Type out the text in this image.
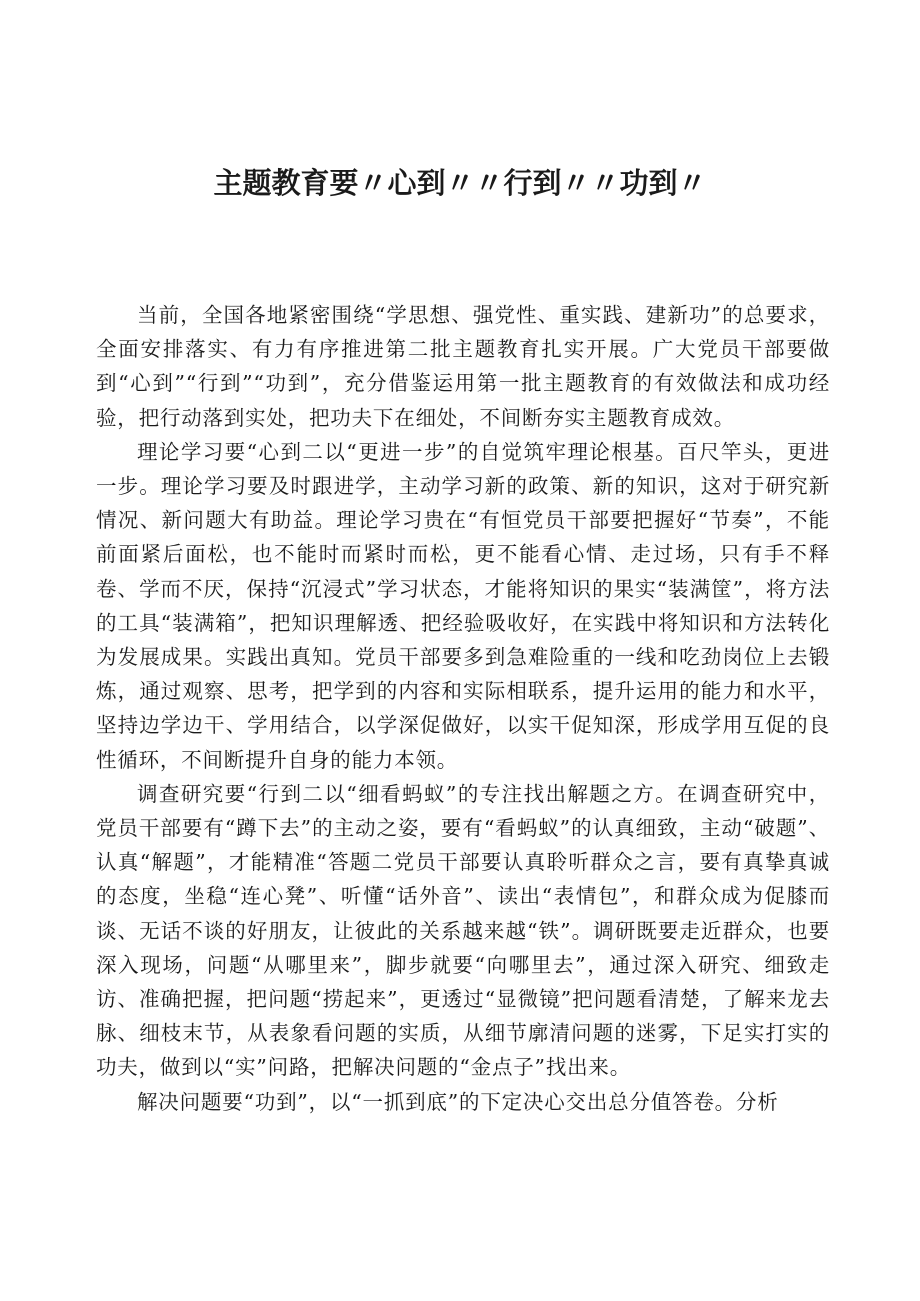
主题教育要〃心到〃〃行到〃〃功到〃

当前，全国各地紧密围绕“学思想、强党性、重实践、建新功”的总要求，全面安排落实、有力有序推进第二批主题教育扎实开展。广大党员干部要做到“心到”“行到”“功到”，充分借鉴运用第一批主题教育的有效做法和成功经验，把行动落到实处，把功夫下在细处，不间断夯实主题教育成效。

理论学习要“心到二以“更进一步”的自觉筑牢理论根基。百尺竿头，更进一步。理论学习要及时跟进学，主动学习新的政策、新的知识，这对于研究新情况、新问题大有助益。理论学习贵在“有恒党员干部要把握好“节奏”，不能前面紧后面松，也不能时而紧时而松，更不能看心情、走过场，只有手不释卷、学而不厌，保持“沉浸式”学习状态，才能将知识的果实“装满筐”，将方法的工具“装满箱”，把知识理解透、把经验吸收好，在实践中将知识和方法转化为发展成果。实践出真知。党员干部要多到急难险重的一线和吃劲岗位上去锻炼，通过观察、思考，把学到的内容和实际相联系，提升运用的能力和水平，坚持边学边干、学用结合，以学深促做好，以实干促知深，形成学用互促的良性循环，不间断提升自身的能力本领。

调查研究要“行到二以“细看蚂蚁”的专注找出解题之方。在调查研究中，党员干部要有“蹲下去”的主动之姿，要有“看蚂蚁”的认真细致，主动“破题”、认真“解题”，才能精准“答题二党员干部要认真聆听群众之言，要有真挚真诚的态度，坐稳“连心凳”、听懂“话外音”、读出“表情包”，和群众成为促膝而谈、无话不谈的好朋友，让彼此的关系越来越“铁”。调研既要走近群众，也要深入现场，问题“从哪里来”，脚步就要“向哪里去”，通过深入研究、细致走访、准确把握，把问题“捞起来”，更透过“显微镜”把问题看清楚，了解来龙去脉、细枝末节，从表象看问题的实质，从细节廓清问题的迷雾，下足实打实的功夫，做到以“实”问路，把解决问题的“金点子”找出来。

解决问题要“功到”，以“一抓到底”的下定决心交出总分值答卷。分析
